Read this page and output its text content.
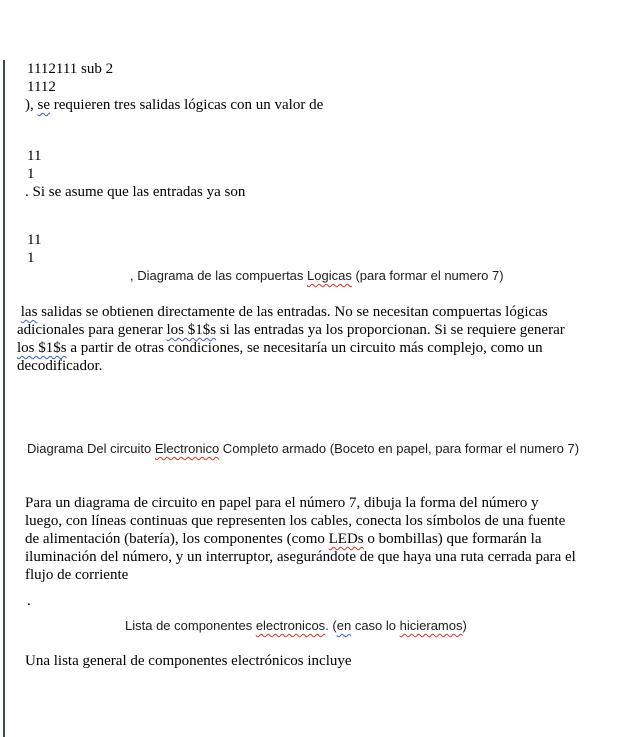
1112111 sub 2
1112
), se requieren tres salidas lógicas con un valor de
11
1
. Si se asume que las entradas ya son
11
1
, Diagrama de las compuertas Logicas (para formar el numero 7)
las salidas se obtienen directamente de las entradas. No se necesitan compuertas lógicas
adicionales para generar los $1$s si las entradas ya los proporcionan. Si se requiere generar
los $1$s a partir de otras condiciones, se necesitaría un circuito más complejo, como un
decodificador.
Diagrama Del circuito Electronico Completo armado (Boceto en papel, para formar el numero 7)
Para un diagrama de circuito en papel para el número 7, dibuja la forma del número y
luego, con líneas continuas que representen los cables, conecta los símbolos de una fuente
de alimentación (batería), los componentes (como LEDs o bombillas) que formarán la
iluminación del número, y un interruptor, asegurándote de que haya una ruta cerrada para el
flujo de corriente
.
Lista de componentes electronicos. (en caso lo hicieramos)
Una lista general de componentes electrónicos incluye
